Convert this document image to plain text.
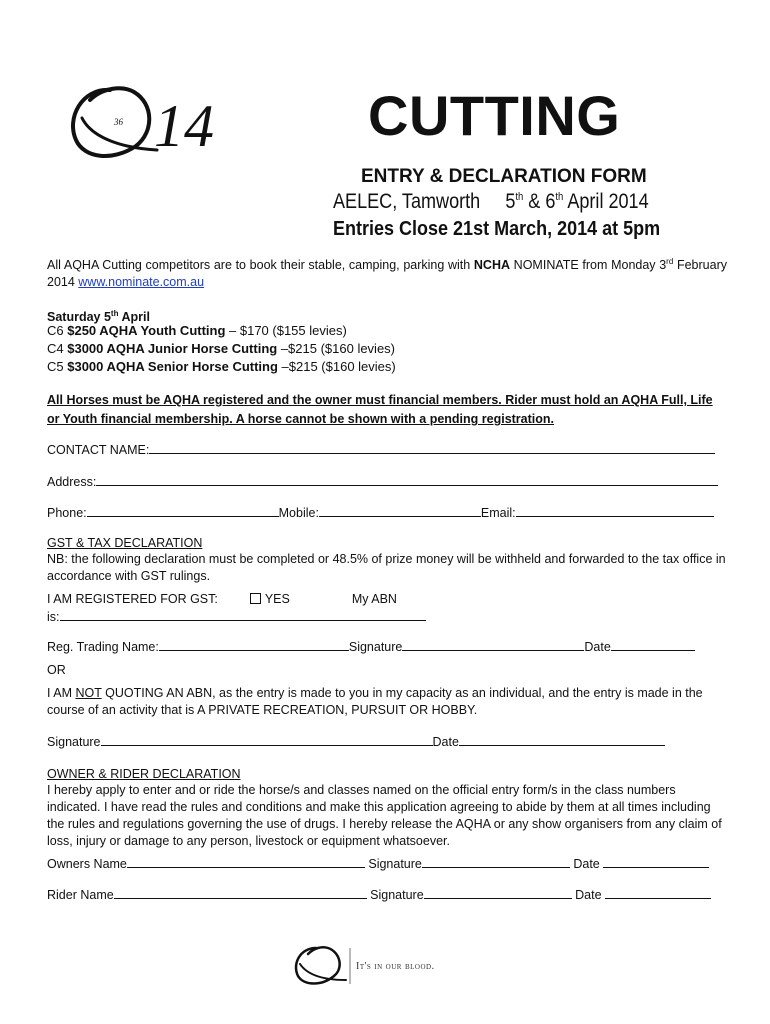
36 14	CUTTING
ENTRY & DECLARATION FORM
AELEC, Tamworth 5th & 6th April 2014
Entries Close 21st March, 2014 at 5pm
All AQHA Cutting competitors are to book their stable, camping, parking with NCHA NOMINATE from Monday 3rd February 2014 www.nominate.com.au
Saturday 5th April
C6 $250 AQHA Youth Cutting – $170 ($155 levies)
C4 $3000 AQHA Junior Horse Cutting –$215 ($160 levies)
C5 $3000 AQHA Senior Horse Cutting –$215 ($160 levies)
All Horses must be AQHA registered and the owner must financial members. Rider must hold an AQHA Full, Life or Youth financial membership. A horse cannot be shown with a pending registration.
CONTACT NAME:
Address:
Phone:	Mobile:	Email:
GST & TAX DECLARATION
NB: the following declaration must be completed or 48.5% of prize money will be withheld and forwarded to the tax office in accordance with GST rulings.
I AM REGISTERED FOR GST:	YES	My ABN
is:
Reg. Trading Name:	Signature	Date
OR
I AM NOT QUOTING AN ABN, as the entry is made to you in my capacity as an individual, and the entry is made in the course of an activity that is A PRIVATE RECREATION, PURSUIT OR HOBBY.
Signature	Date
OWNER & RIDER DECLARATION
I hereby apply to enter and or ride the horse/s and classes named on the official entry form/s in the class numbers indicated. I have read the rules and conditions and make this application agreeing to abide by them at all times including the rules and regulations governing the use of drugs. I hereby release the AQHA or any show organisers from any claim of loss, injury or damage to any person, livestock or equipment whatsoever.
Owners Name	Signature	Date
Rider Name	Signature	Date
It's in our blood.
